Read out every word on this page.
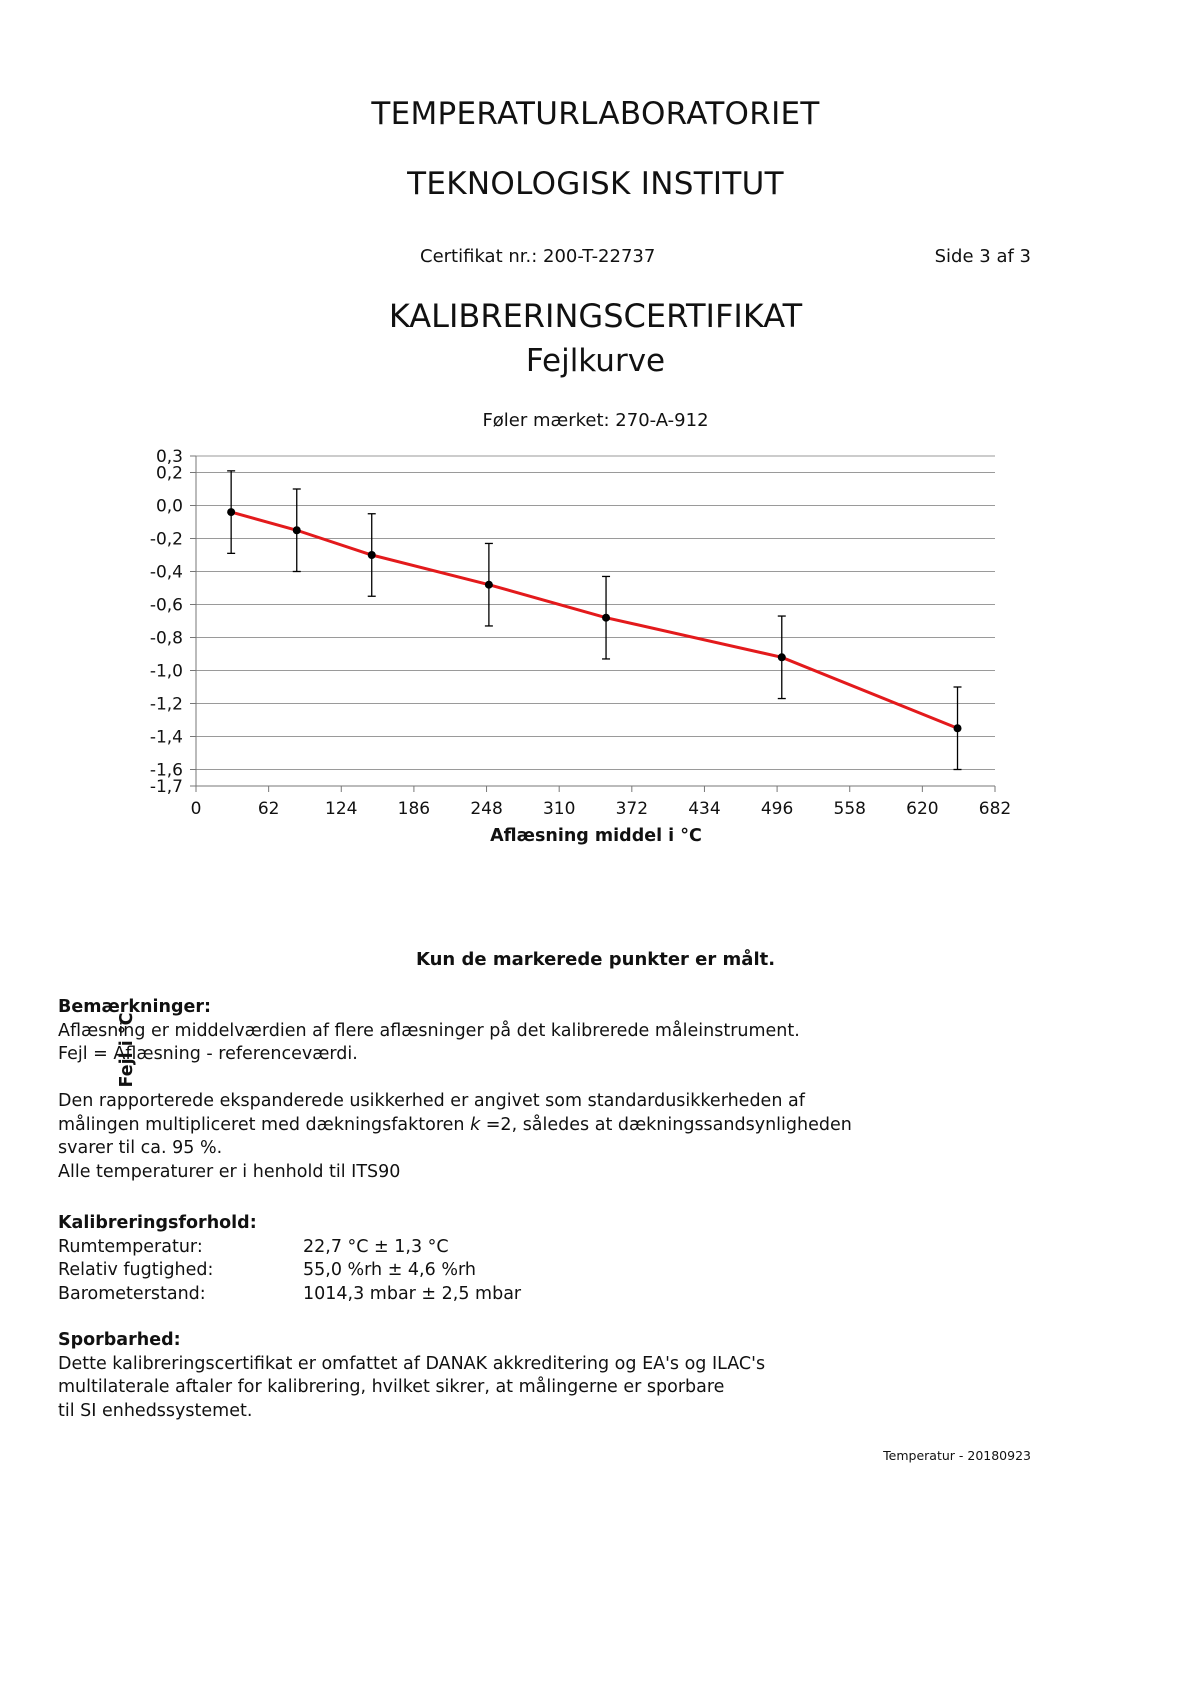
TEMPERATURLABORATORIET
TEKNOLOGISK INSTITUT
Certifikat nr.: 200-T-22737	Side 3 af 3
KALIBRERINGSCERTIFIKAT
Fejlkurve
Føler mærket: 270-A-912
0,3
0,2
0,0
-0,2
-0,4
-0,6
-0,8
-1,0
-1,2
-1,4
-1,6
-1,7
0	62	124 186 248 310 372 434 496 558 620 682
Aflæsning middel i °C
Fejl i °C
Kun de markerede punkter er målt.
Bemærkninger:
Aflæsning er middelværdien af flere aflæsninger på det kalibrerede måleinstrument.
Fejl = Aflæsning - referenceværdi.
Den rapporterede ekspanderede usikkerhed er angivet som standardusikkerheden af
målingen multipliceret med dækningsfaktoren k =2, således at dækningssandsynligheden
svarer til ca. 95 %.
Alle temperaturer er i henhold til ITS90
Kalibreringsforhold:
Rumtemperatur:	22,7 °C ± 1,3 °C
Relativ fugtighed:	55,0 %rh ± 4,6 %rh
Barometerstand:	1014,3 mbar ± 2,5 mbar
Sporbarhed:
Dette kalibreringscertifikat er omfattet af DANAK akkreditering og EA's og ILAC's
multilaterale aftaler for kalibrering, hvilket sikrer, at målingerne er sporbare
til SI enhedssystemet.
Temperatur - 20180923
